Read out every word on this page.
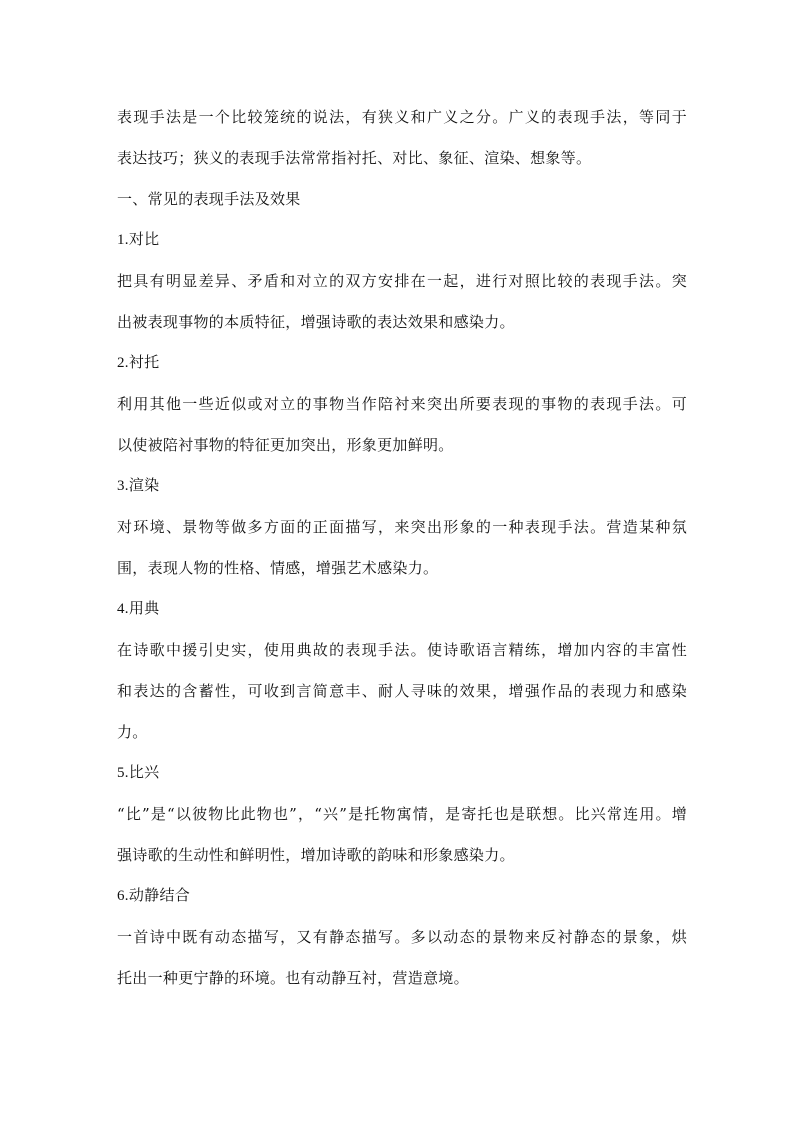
表现手法是一个比较笼统的说法，有狭义和广义之分。广义的表现手法，等同于
表达技巧；狭义的表现手法常常指衬托、对比、象征、渲染、想象等。
一、常见的表现手法及效果
1.对比
把具有明显差异、矛盾和对立的双方安排在一起，进行对照比较的表现手法。突
出被表现事物的本质特征，增强诗歌的表达效果和感染力。
2.衬托
利用其他一些近似或对立的事物当作陪衬来突出所要表现的事物的表现手法。可
以使被陪衬事物的特征更加突出，形象更加鲜明。
3.渲染
对环境、景物等做多方面的正面描写，来突出形象的一种表现手法。营造某种氛
围，表现人物的性格、情感，增强艺术感染力。
4.用典
在诗歌中援引史实，使用典故的表现手法。使诗歌语言精练，增加内容的丰富性
和表达的含蓄性，可收到言简意丰、耐人寻味的效果，增强作品的表现力和感染
力。
5.比兴
“比”是“以彼物比此物也”，“兴”是托物寓情，是寄托也是联想。比兴常连用。增
强诗歌的生动性和鲜明性，增加诗歌的韵味和形象感染力。
6.动静结合
一首诗中既有动态描写，又有静态描写。多以动态的景物来反衬静态的景象，烘
托出一种更宁静的环境。也有动静互衬，营造意境。
